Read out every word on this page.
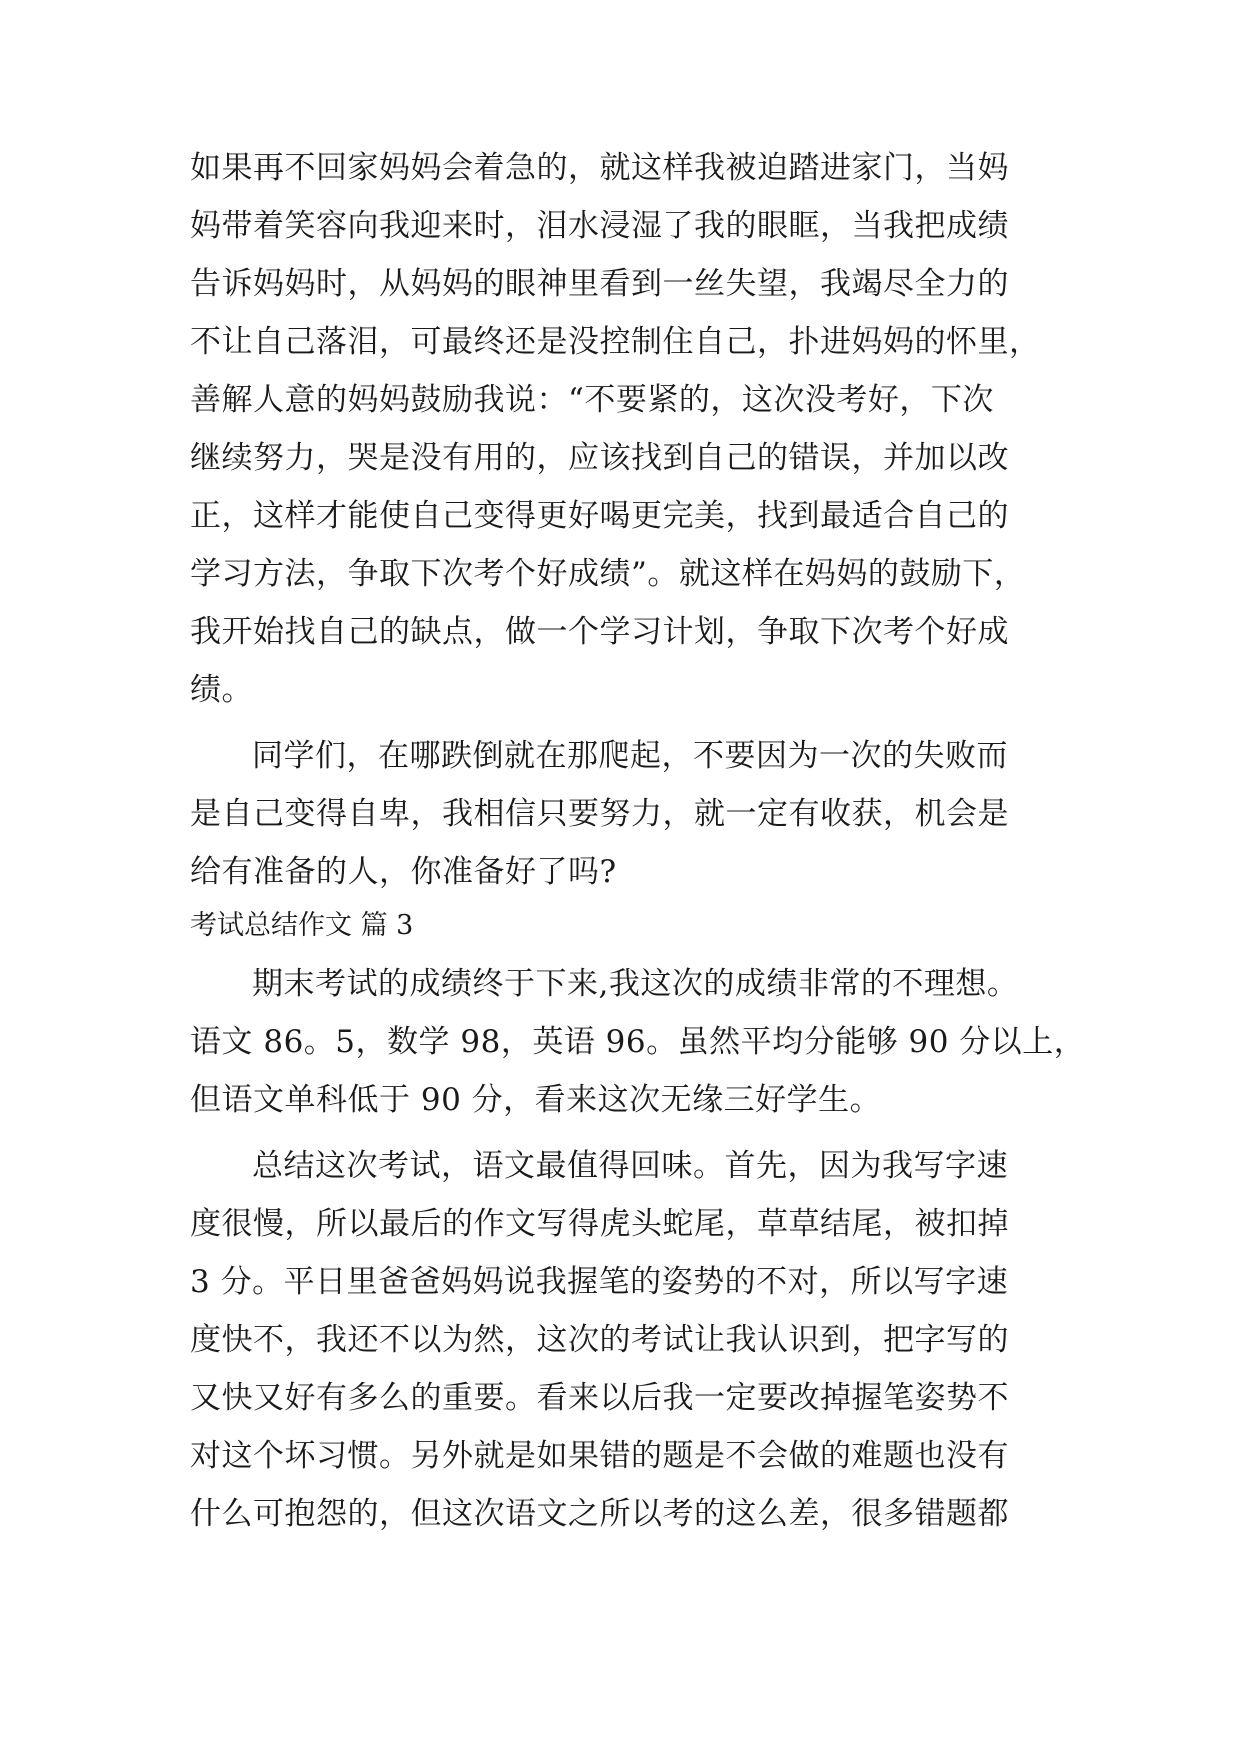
如果再不回家妈妈会着急的，就这样我被迫踏进家门，当妈
妈带着笑容向我迎来时，泪水浸湿了我的眼眶，当我把成绩
告诉妈妈时，从妈妈的眼神里看到一丝失望，我竭尽全力的
不让自己落泪，可最终还是没控制住自己，扑进妈妈的怀里，
善解人意的妈妈鼓励我说：“不要紧的，这次没考好，下次
继续努力，哭是没有用的，应该找到自己的错误，并加以改
正，这样才能使自己变得更好喝更完美，找到最适合自己的
学习方法，争取下次考个好成绩”。就这样在妈妈的鼓励下，
我开始找自己的缺点，做一个学习计划，争取下次考个好成
绩。
同学们，在哪跌倒就在那爬起，不要因为一次的失败而
是自己变得自卑，我相信只要努力，就一定有收获，机会是
给有准备的人，你准备好了吗?
考试总结作文 篇 3
期末考试的成绩终于下来,我这次的成绩非常的不理想。
语文 86。5，数学 98，英语 96。虽然平均分能够 90 分以上，
但语文单科低于 90 分，看来这次无缘三好学生。
总结这次考试，语文最值得回味。首先，因为我写字速
度很慢，所以最后的作文写得虎头蛇尾，草草结尾，被扣掉
3 分。平日里爸爸妈妈说我握笔的姿势的不对，所以写字速
度快不，我还不以为然，这次的考试让我认识到，把字写的
又快又好有多么的重要。看来以后我一定要改掉握笔姿势不
对这个坏习惯。另外就是如果错的题是不会做的难题也没有
什么可抱怨的，但这次语文之所以考的这么差，很多错题都
